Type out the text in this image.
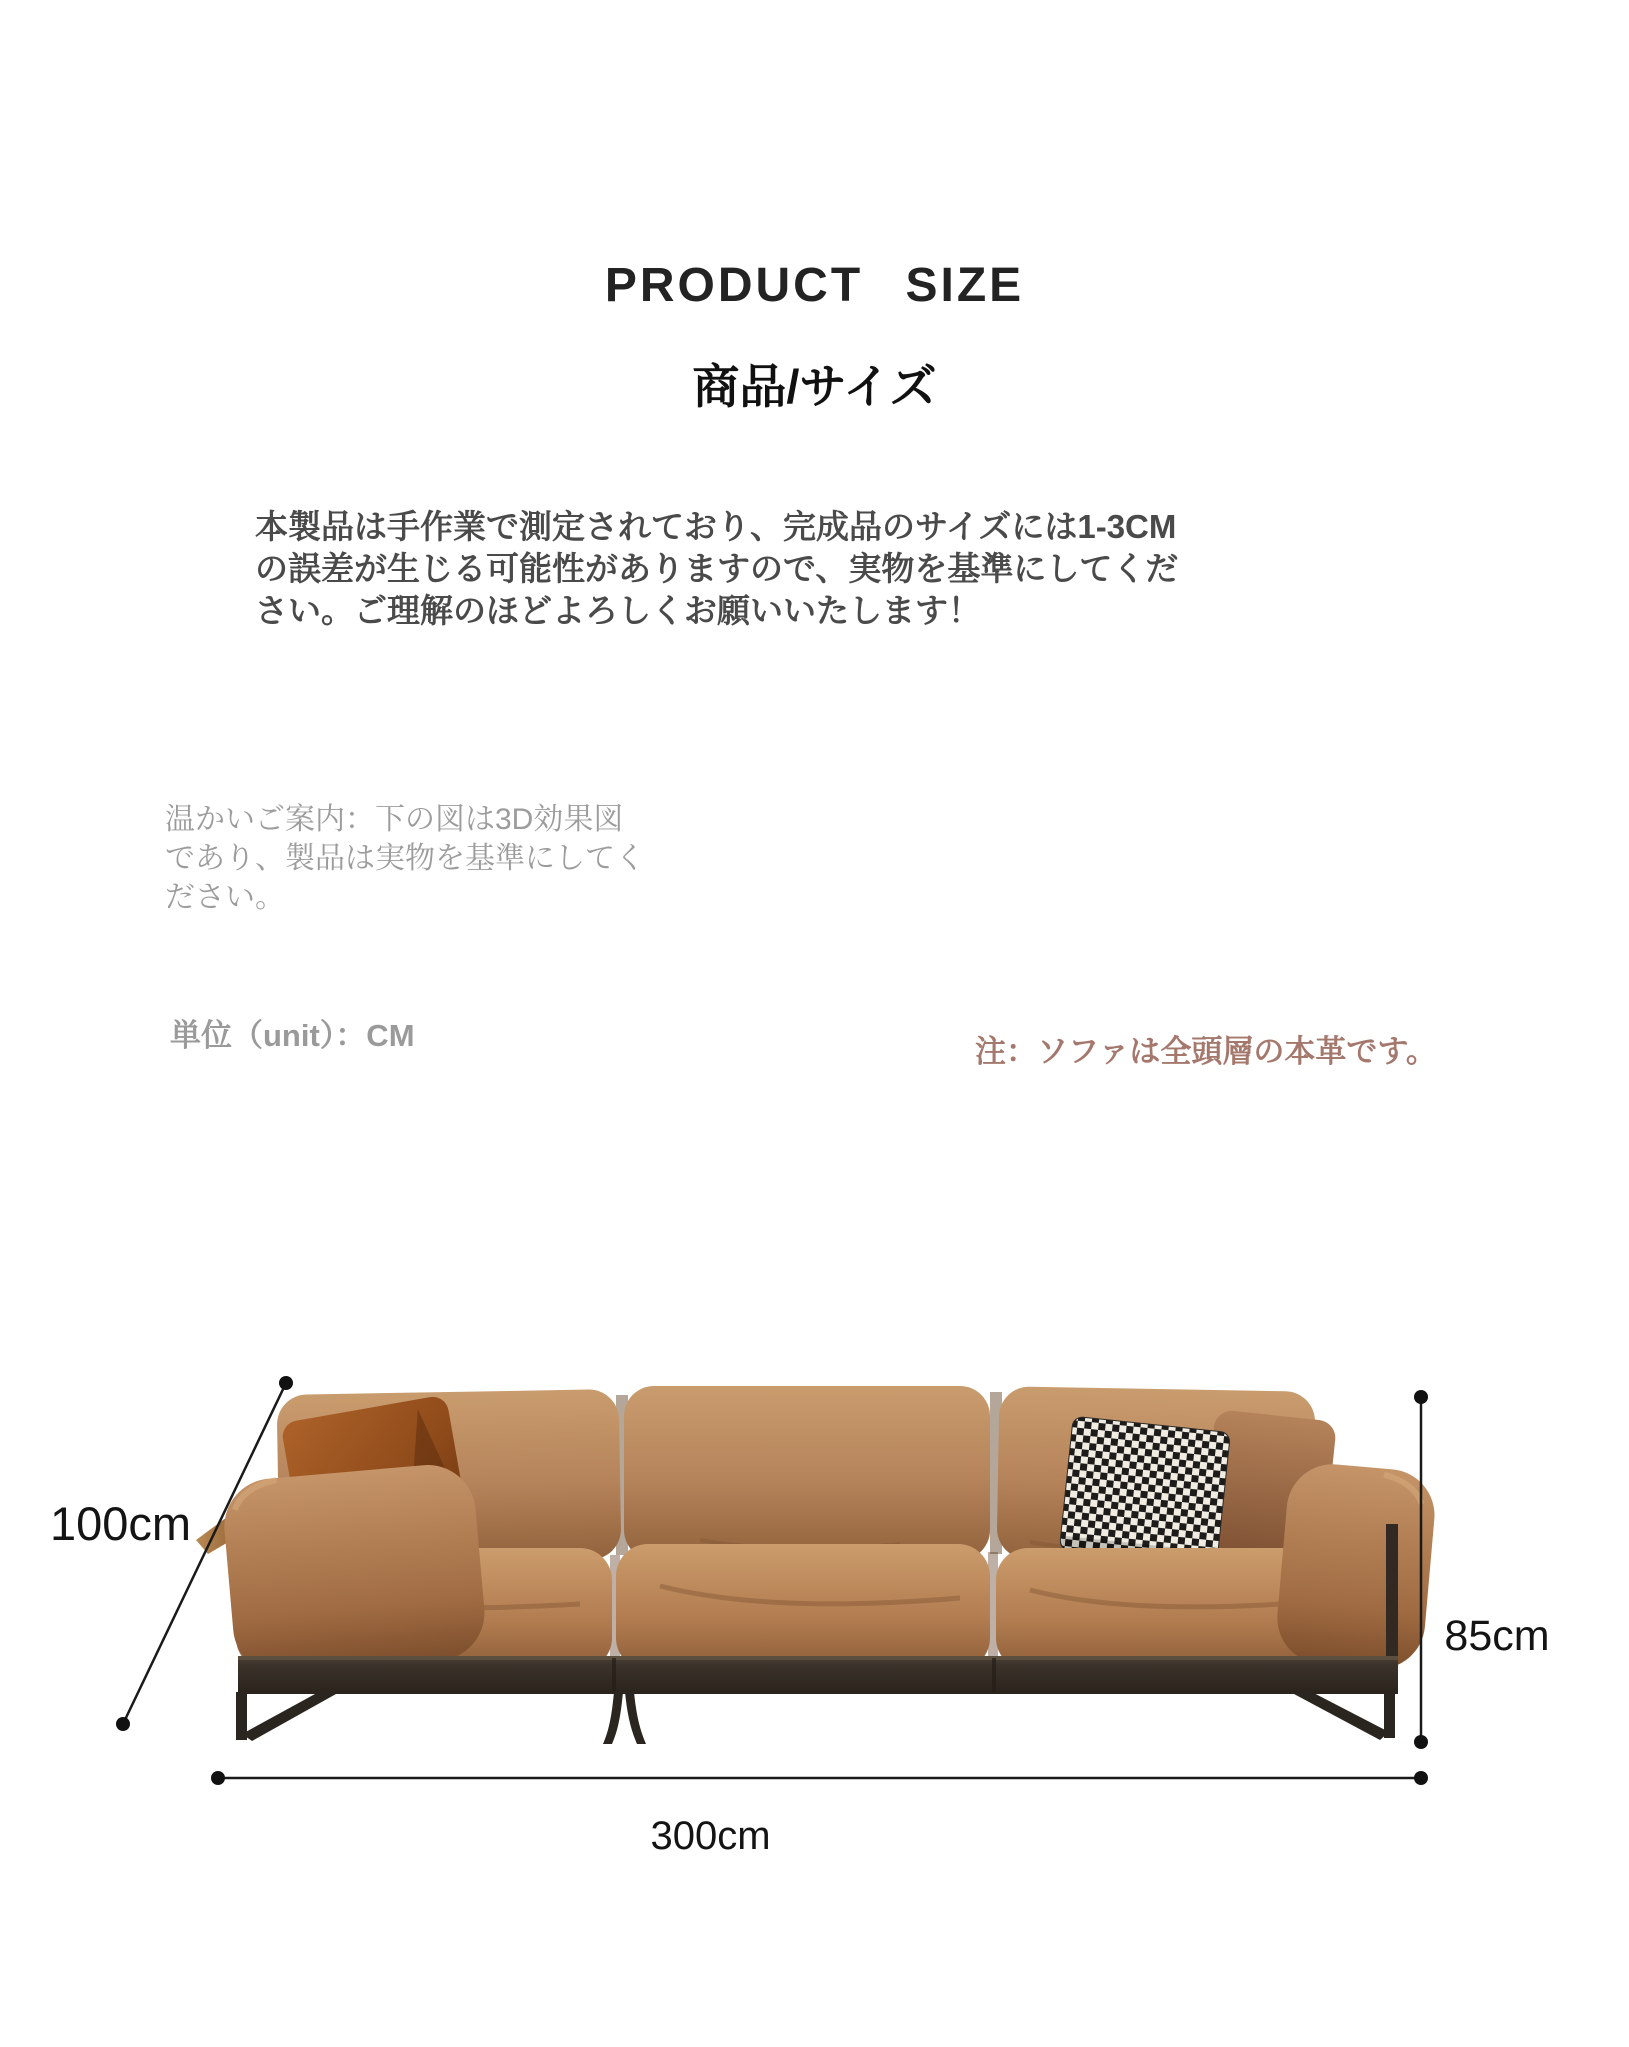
PRODUCT SIZE
商品/サイズ
本製品は手作業で測定されており、完成品のサイズには1-3CM
の誤差が生じる可能性がありますので、実物を基準にしてくだ
さい。ご理解のほどよろしくお願いいたします！
温かいご案内：下の図は3D効果図
であり、製品は実物を基準にしてく
ださい。
単位（unit）：CM	注：ソファは全頭層の本革です。
100cm
85cm
300cm
